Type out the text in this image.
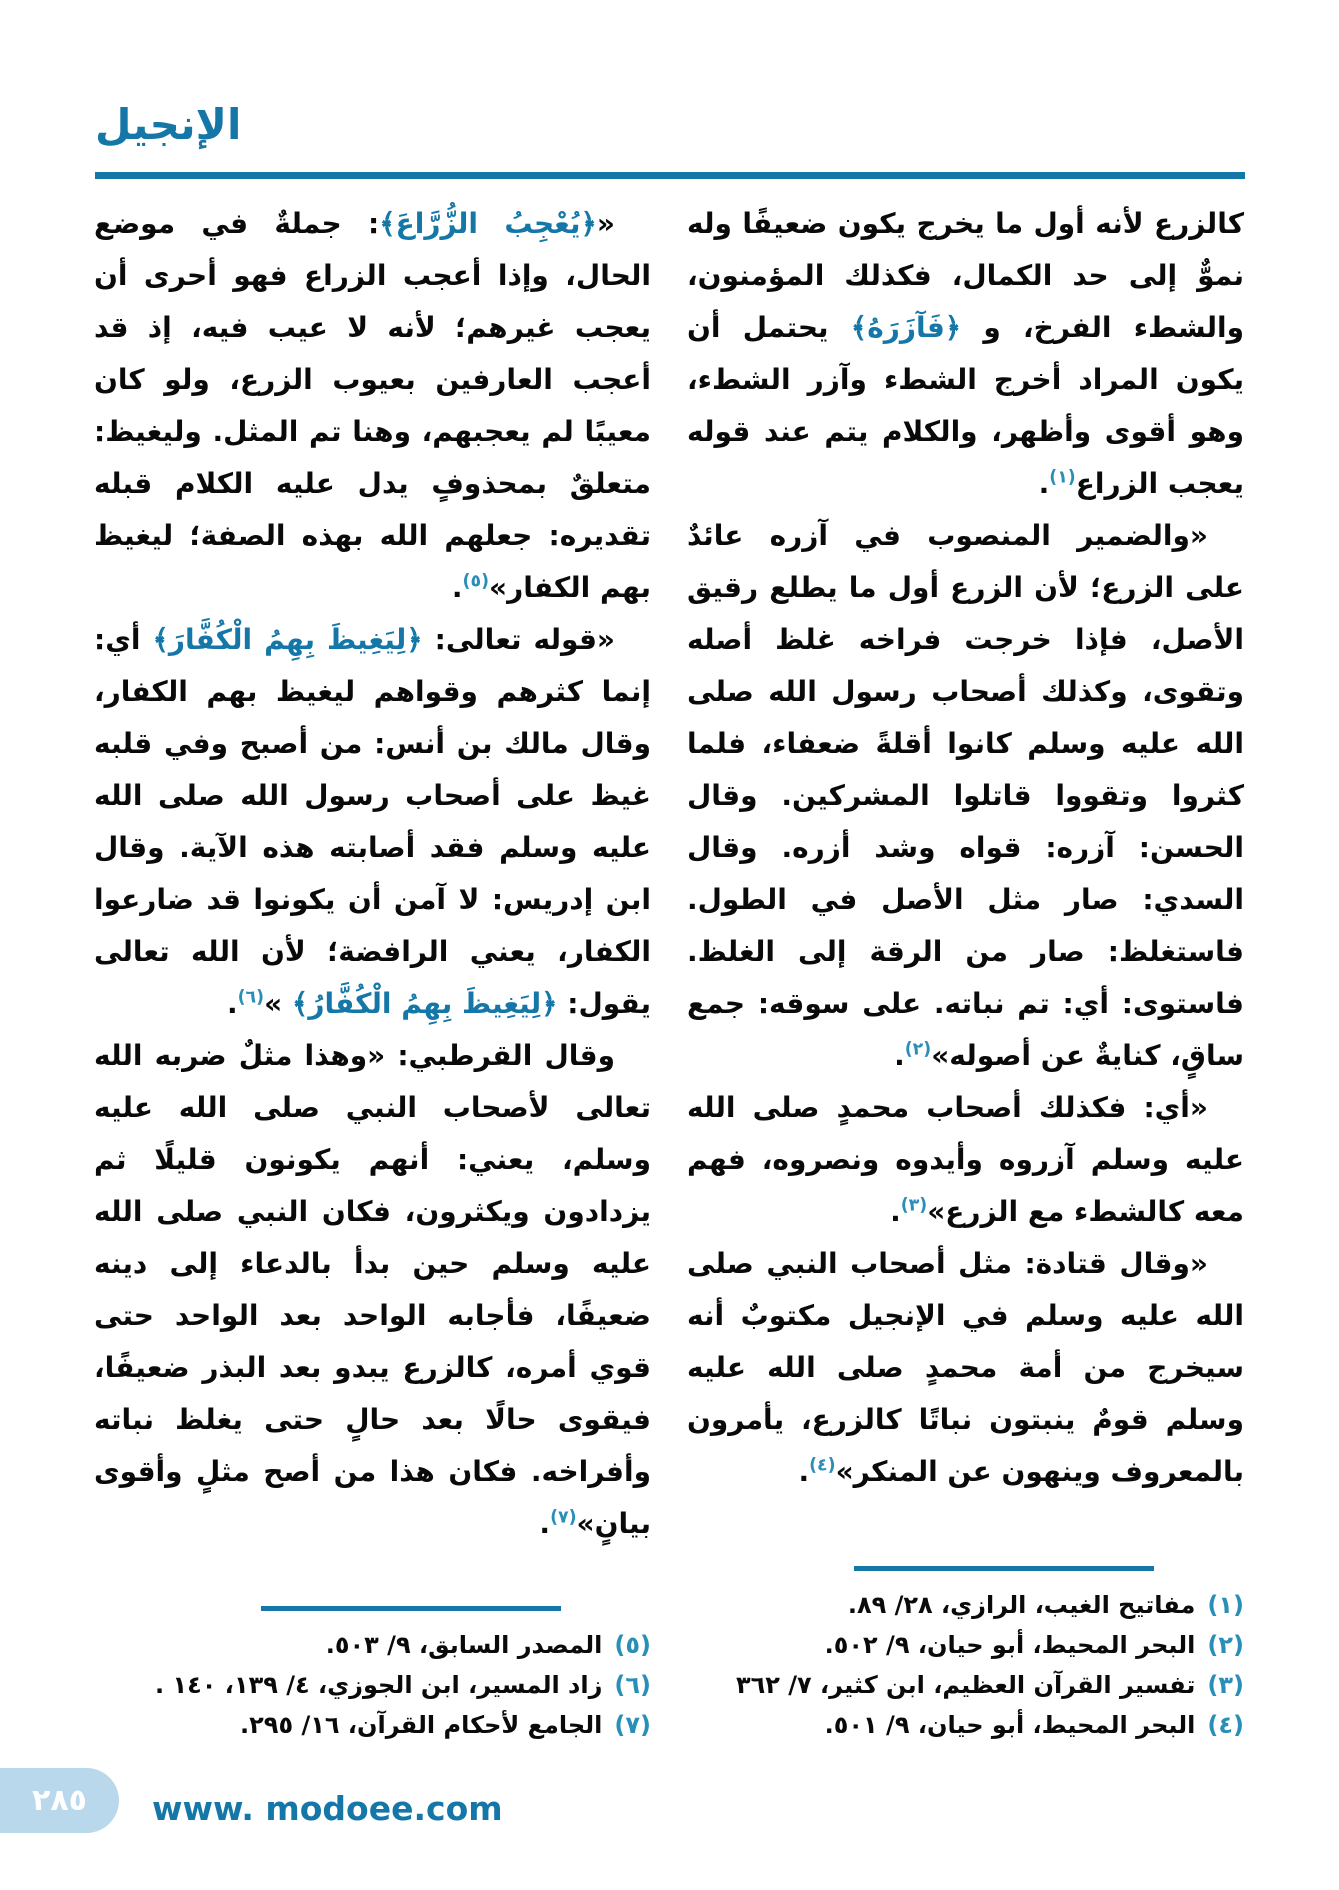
الإنجيل

كالزرع لأنه أول ما يخرج يكون ضعيفًا وله نموٌّ إلى حد الكمال، فكذلك المؤمنون، والشطء الفرخ، و ﴿فَآزَرَهُ﴾ يحتمل أن يكون المراد أخرج الشطء وآزر الشطء، وهو أقوى وأظهر، والكلام يتم عند قوله يعجب الزراع$^{(١)}$.

«والضمير المنصوب في آزره عائدٌ على الزرع؛ لأن الزرع أول ما يطلع رقيق الأصل، فإذا خرجت فراخه غلظ أصله وتقوى، وكذلك أصحاب رسول الله صلى الله عليه وسلم كانوا أقلةً ضعفاء، فلما كثروا وتقووا قاتلوا المشركين. وقال الحسن: آزره: قواه وشد أزره. وقال السدي: صار مثل الأصل في الطول. فاستغلظ: صار من الرقة إلى الغلظ. فاستوى: أي: تم نباته. على سوقه: جمع ساقٍ، كنايةٌ عن أصوله»$^{(٢)}$.

«أي: فكذلك أصحاب محمدٍ صلى الله عليه وسلم آزروه وأيدوه ونصروه، فهم معه كالشطء مع الزرع»$^{(٣)}$.

«وقال قتادة: مثل أصحاب النبي صلى الله عليه وسلم في الإنجيل مكتوبٌ أنه سيخرج من أمة محمدٍ صلى الله عليه وسلم قومٌ ينبتون نباتًا كالزرع، يأمرون بالمعروف وينهون عن المنكر»$^{(٤)}$.

(١)
مفاتيح الغيب، الرازي، ٢٨/ ٨٩.
(٢)
البحر المحيط، أبو حيان، ٩/ ٥٠٢.
(٣)
تفسير القرآن العظيم، ابن كثير، ٧/ ٣٦٢
(٤)
البحر المحيط، أبو حيان، ٩/ ٥٠١.

«﴿يُعْجِبُ الزُّرَّاعَ﴾: جملةٌ في موضع الحال، وإذا أعجب الزراع فهو أحرى أن يعجب غيرهم؛ لأنه لا عيب فيه، إذ قد أعجب العارفين بعيوب الزرع، ولو كان معيبًا لم يعجبهم، وهنا تم المثل. وليغيظ: متعلقٌ بمحذوفٍ يدل عليه الكلام قبله تقديره: جعلهم الله بهذه الصفة؛ ليغيظ بهم الكفار»$^{(٥)}$.

«قوله تعالى: ﴿لِيَغِيظَ بِهِمُ الْكُفَّارَ﴾ أي: إنما كثرهم وقواهم ليغيظ بهم الكفار، وقال مالك بن أنس: من أصبح وفي قلبه غيظ على أصحاب رسول الله صلى الله عليه وسلم فقد أصابته هذه الآية. وقال ابن إدريس: لا آمن أن يكونوا قد ضارعوا الكفار، يعني الرافضة؛ لأن الله تعالى يقول: ﴿لِيَغِيظَ بِهِمُ الْكُفَّارُ﴾ »$^{(٦)}$.

وقال القرطبي: «وهذا مثلٌ ضربه الله تعالى لأصحاب النبي صلى الله عليه وسلم، يعني: أنهم يكونون قليلًا ثم يزدادون ويكثرون، فكان النبي صلى الله عليه وسلم حين بدأ بالدعاء إلى دينه ضعيفًا، فأجابه الواحد بعد الواحد حتى قوي أمره، كالزرع يبدو بعد البذر ضعيفًا، فيقوى حالًا بعد حالٍ حتى يغلظ نباته وأفراخه. فكان هذا من أصح مثلٍ وأقوى بيانٍ»$^{(٧)}$.

(٥)
المصدر السابق، ٩/ ٥٠٣.
(٦)
زاد المسير، ابن الجوزي، ٤/ ١٣٩، ١٤٠ .
(٧)
الجامع لأحكام القرآن، ١٦/ ٢٩٥.
٢٨٥ www. modoee.com
